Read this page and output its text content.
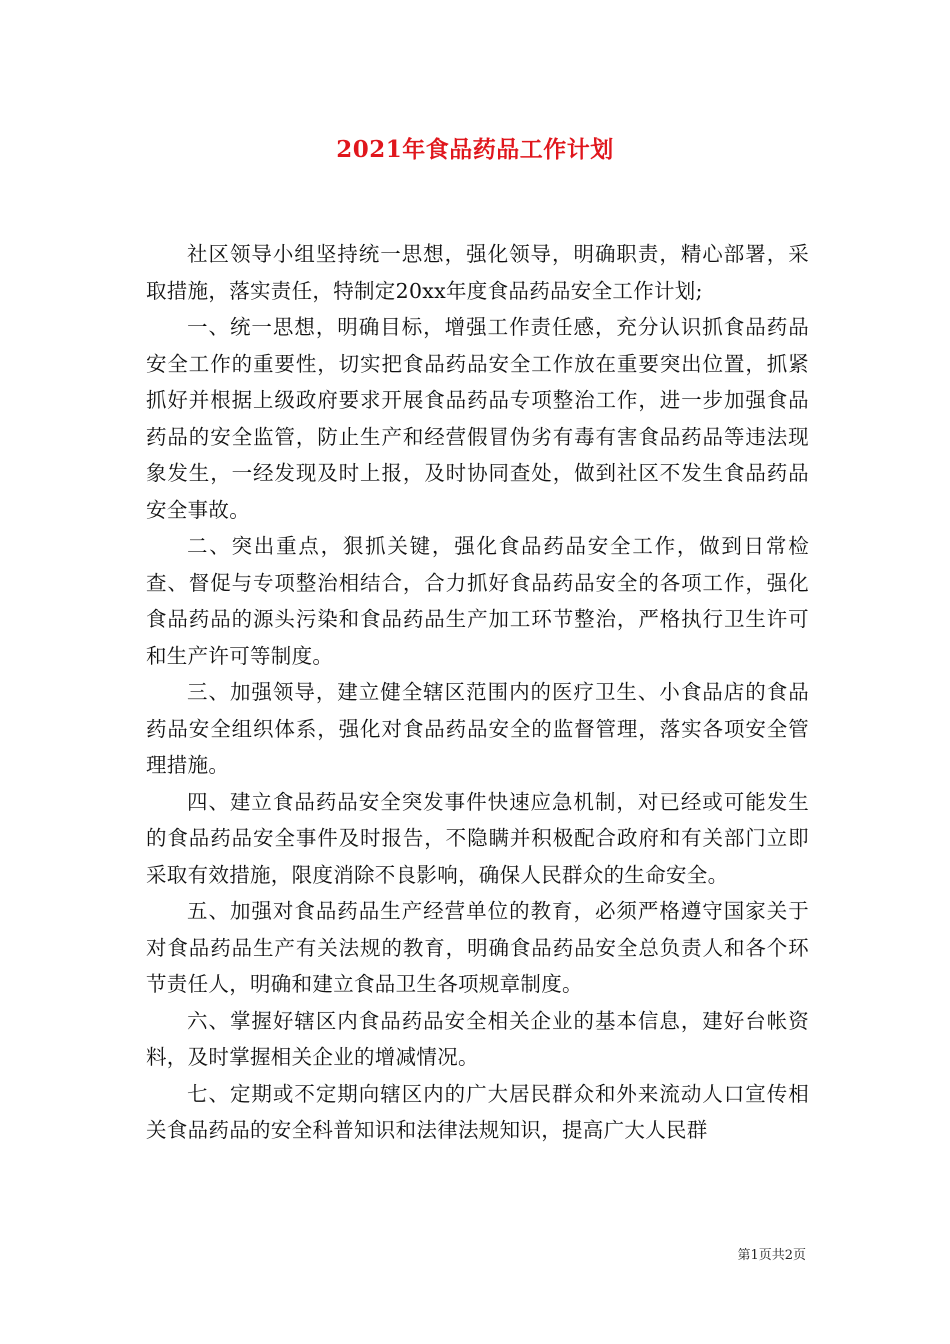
2021年食品药品工作计划

社区领导小组坚持统一思想，强化领导，明确职责，精心部署，采取措施，落实责任，特制定20xx年度食品药品安全工作计划;

一、统一思想，明确目标，增强工作责任感，充分认识抓食品药品安全工作的重要性，切实把食品药品安全工作放在重要突出位置，抓紧抓好并根据上级政府要求开展食品药品专项整治工作，进一步加强食品药品的安全监管，防止生产和经营假冒伪劣有毒有害食品药品等违法现象发生，一经发现及时上报，及时协同查处，做到社区不发生食品药品安全事故。

二、突出重点，狠抓关键，强化食品药品安全工作，做到日常检查、督促与专项整治相结合，合力抓好食品药品安全的各项工作，强化食品药品的源头污染和食品药品生产加工环节整治，严格执行卫生许可和生产许可等制度。

三、加强领导，建立健全辖区范围内的医疗卫生、小食品店的食品药品安全组织体系，强化对食品药品安全的监督管理，落实各项安全管理措施。

四、建立食品药品安全突发事件快速应急机制，对已经或可能发生的食品药品安全事件及时报告，不隐瞒并积极配合政府和有关部门立即采取有效措施，限度消除不良影响，确保人民群众的生命安全。

五、加强对食品药品生产经营单位的教育，必须严格遵守国家关于对食品药品生产有关法规的教育，明确食品药品安全总负责人和各个环节责任人，明确和建立食品卫生各项规章制度。

六、掌握好辖区内食品药品安全相关企业的基本信息，建好台帐资料，及时掌握相关企业的增减情况。

七、定期或不定期向辖区内的广大居民群众和外来流动人口宣传相关食品药品的安全科普知识和法律法规知识，提高广大人民群

第1页共2页
